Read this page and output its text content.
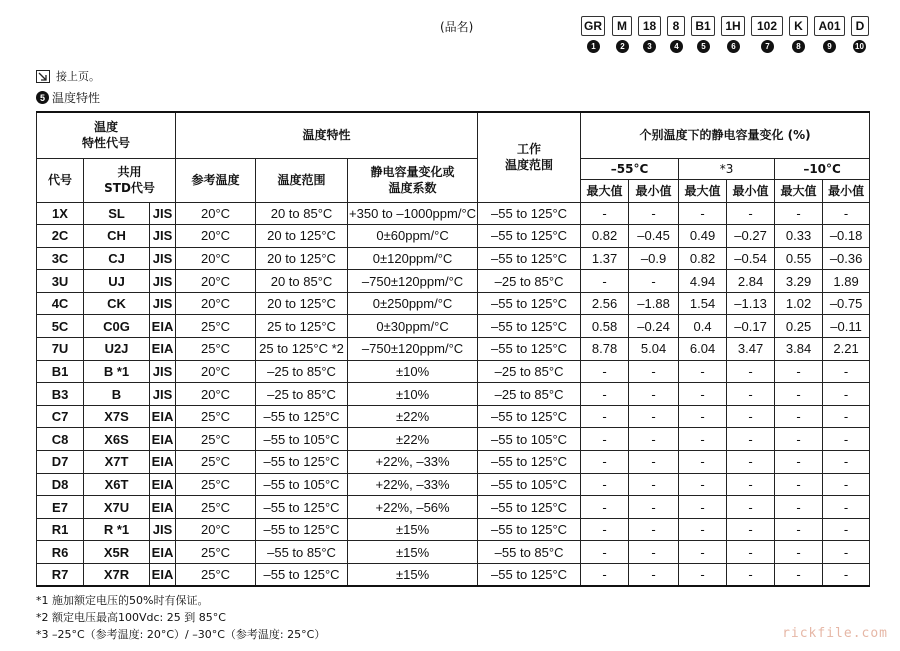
(品名)	GR	M	18	8	B1	1H	102	K	A01	D
1	2	3	4	5	6	7	8	9	10
接上页。
5 温度特性
温度
特性代号			温度特性			工作
温度范围	个别温度下的静电容量变化 (%)					
代号	共用
STD代号		参考温度	温度范围	静电容量变化或
温度系数		–55°C		*3		–10°C	
							最大值	最小值	最大值	最小值	最大值	最小值
1X	SL	JIS	20°C	20 to 85°C	+350 to –1000ppm/°C	–55 to 125°C	-	-	-	-	-	-
2C	CH	JIS	20°C	20 to 125°C	0±60ppm/°C	–55 to 125°C	0.82	–0.45	0.49	–0.27	0.33	–0.18
3C	CJ	JIS	20°C	20 to 125°C	0±120ppm/°C	–55 to 125°C	1.37	–0.9	0.82	–0.54	0.55	–0.36
3U	UJ	JIS	20°C	20 to 85°C	–750±120ppm/°C	–25 to 85°C	-	-	4.94	2.84	3.29	1.89
4C	CK	JIS	20°C	20 to 125°C	0±250ppm/°C	–55 to 125°C	2.56	–1.88	1.54	–1.13	1.02	–0.75
5C	C0G	EIA	25°C	25 to 125°C	0±30ppm/°C	–55 to 125°C	0.58	–0.24	0.4	–0.17	0.25	–0.11
7U	U2J	EIA	25°C	25 to 125°C *2	–750±120ppm/°C	–55 to 125°C	8.78	5.04	6.04	3.47	3.84	2.21
B1	B *1	JIS	20°C	–25 to 85°C	±10%	–25 to 85°C	-	-	-	-	-	-
B3	B	JIS	20°C	–25 to 85°C	±10%	–25 to 85°C	-	-	-	-	-	-
C7	X7S	EIA	25°C	–55 to 125°C	±22%	–55 to 125°C	-	-	-	-	-	-
C8	X6S	EIA	25°C	–55 to 105°C	±22%	–55 to 105°C	-	-	-	-	-	-
D7	X7T	EIA	25°C	–55 to 125°C	+22%, –33%	–55 to 125°C	-	-	-	-	-	-
D8	X6T	EIA	25°C	–55 to 105°C	+22%, –33%	–55 to 105°C	-	-	-	-	-	-
E7	X7U	EIA	25°C	–55 to 125°C	+22%, –56%	–55 to 125°C	-	-	-	-	-	-
R1	R *1	JIS	20°C	–55 to 125°C	±15%	–55 to 125°C	-	-	-	-	-	-
R6	X5R	EIA	25°C	–55 to 85°C	±15%	–55 to 85°C	-	-	-	-	-	-
R7	X7R	EIA	25°C	–55 to 125°C	±15%	–55 to 125°C	-	-	-	-	-	-
*1 施加额定电压的50%时有保证。
*2 额定电压最高100Vdc: 25 到 85°C
*3 –25°C（参考温度: 20°C）/ –30°C（参考温度: 25°C）	rickfile.com
